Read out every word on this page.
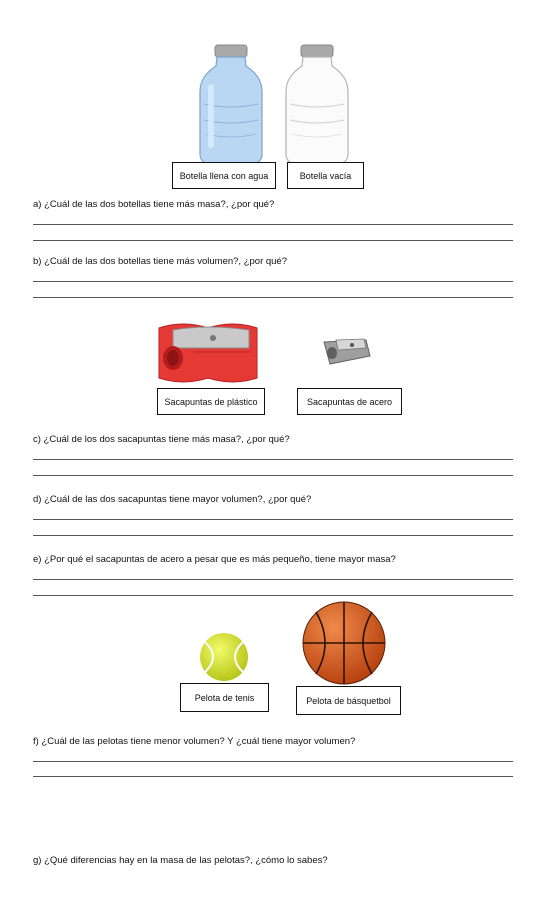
Botella llena con agua	Botella vacía
a) ¿Cuál de las dos botellas tiene más masa?, ¿por qué?
b) ¿Cuál de las dos botellas tiene más volumen?, ¿por qué?
Sacapuntas de plástico	Sacapuntas de acero
c) ¿Cuál de los dos sacapuntas tiene más masa?, ¿por qué?
d) ¿Cuál de las dos sacapuntas tiene mayor volumen?, ¿por qué?
e) ¿Por qué el sacapuntas de acero a pesar que es más pequeño, tiene mayor masa?
Pelota de tenis	Pelota de básquetbol
f) ¿Cuál de las pelotas tiene menor volumen? Y ¿cuál tiene mayor volumen?
g) ¿Qué diferencias hay en la masa de las pelotas?, ¿cómo lo sabes?
